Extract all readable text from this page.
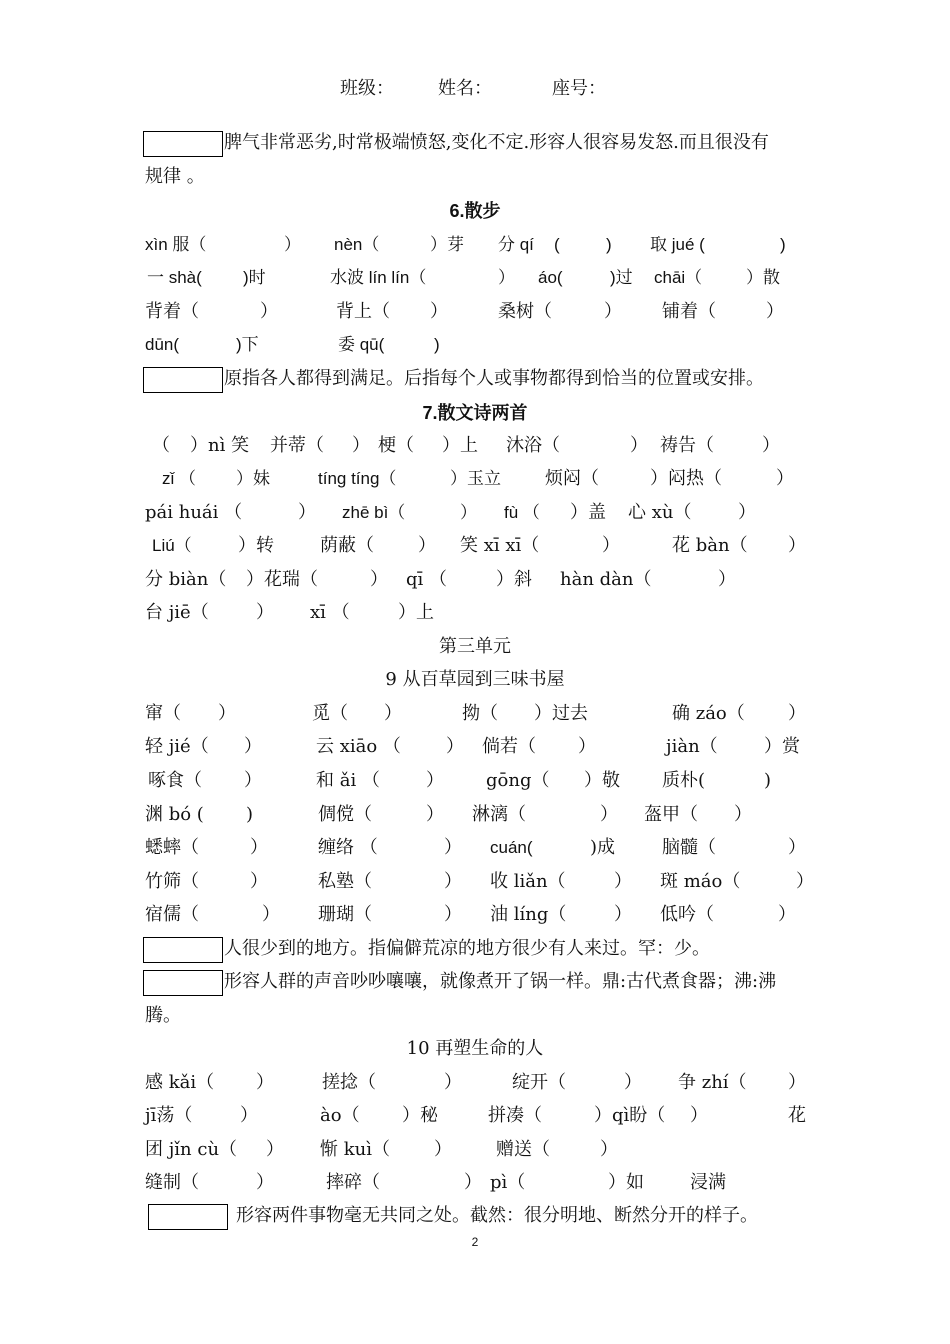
班级： 姓名：	座号：
脾气非常恶劣,时常极端愤怒,变化不定.形容人很容易发怒.而且很没有
规律 。
6.散步
xìn 服（	） nèn（	）芽 分 qí (	) 取 jué (	)
一 shà( )时	水波 lín lín（	） áo(	)过 chāi（	）散
背着（	）	背上（ ）	桑树（	） 铺着（	）
dūn(	)下	委 qū(	)
原指各人都得到满足。后指每个人或事物都得到恰当的位置或安排。
7.散文诗两首
（ ）nì 笑 并蒂（ ） 梗（ ）上 沐浴（	） 祷告（	）
zǐ （ ）妹	tíng tíng（	）玉立 烦闷（	）闷热（	）
pái huái （	） zhē bì（	） fù （ ）盖 心 xù（	）
Liú（	）转	荫蔽（ ） 笑 xī xī（	）	花 bàn（ ）
分 biàn（ ）花瑞（	） qī （	）斜 hàn dàn（	）
台 jiē（	） xī （	）上
第三单元
9 从百草园到三味书屋
窜（ ）	觅（ ）	拗（ ）过去	确 záo（ ）
轻 jié（ ）	云 xiāo （	） 倘若（ ）	jiàn（	）赏
啄食（ ）	和 ǎi （	） gōng（ ）敬 质朴(	)
渊 bó ( )	倜傥（	） 淋漓（	） 盔甲（ ）
蟋蟀（	）	缠络 （	） cuán(	)成	脑髓（	）
竹筛（	）	私塾（	） 收 liǎn（	） 斑 máo（	）
宿儒（	） 珊瑚（	） 油 líng（	） 低吟（	）
人很少到的地方。指偏僻荒凉的地方很少有人来过。罕：少。
形容人群的声音吵吵嚷嚷，就像煮开了锅一样。鼎:古代煮食器；沸:沸
腾。
10 再塑生命的人
感 kǎi（ ）	搓捻（	）	绽开（	） 争 zhí（ ）
jī荡（	）	ào（ ）秘	拼凑（	）qì盼（ ）	花
团 jǐn cù（ ） 惭 kuì（ ） 赠送（	）
缝制（	）	摔碎（	） pì（	）如	浸满
形容两件事物毫无共同之处。截然：很分明地、断然分开的样子。
2
